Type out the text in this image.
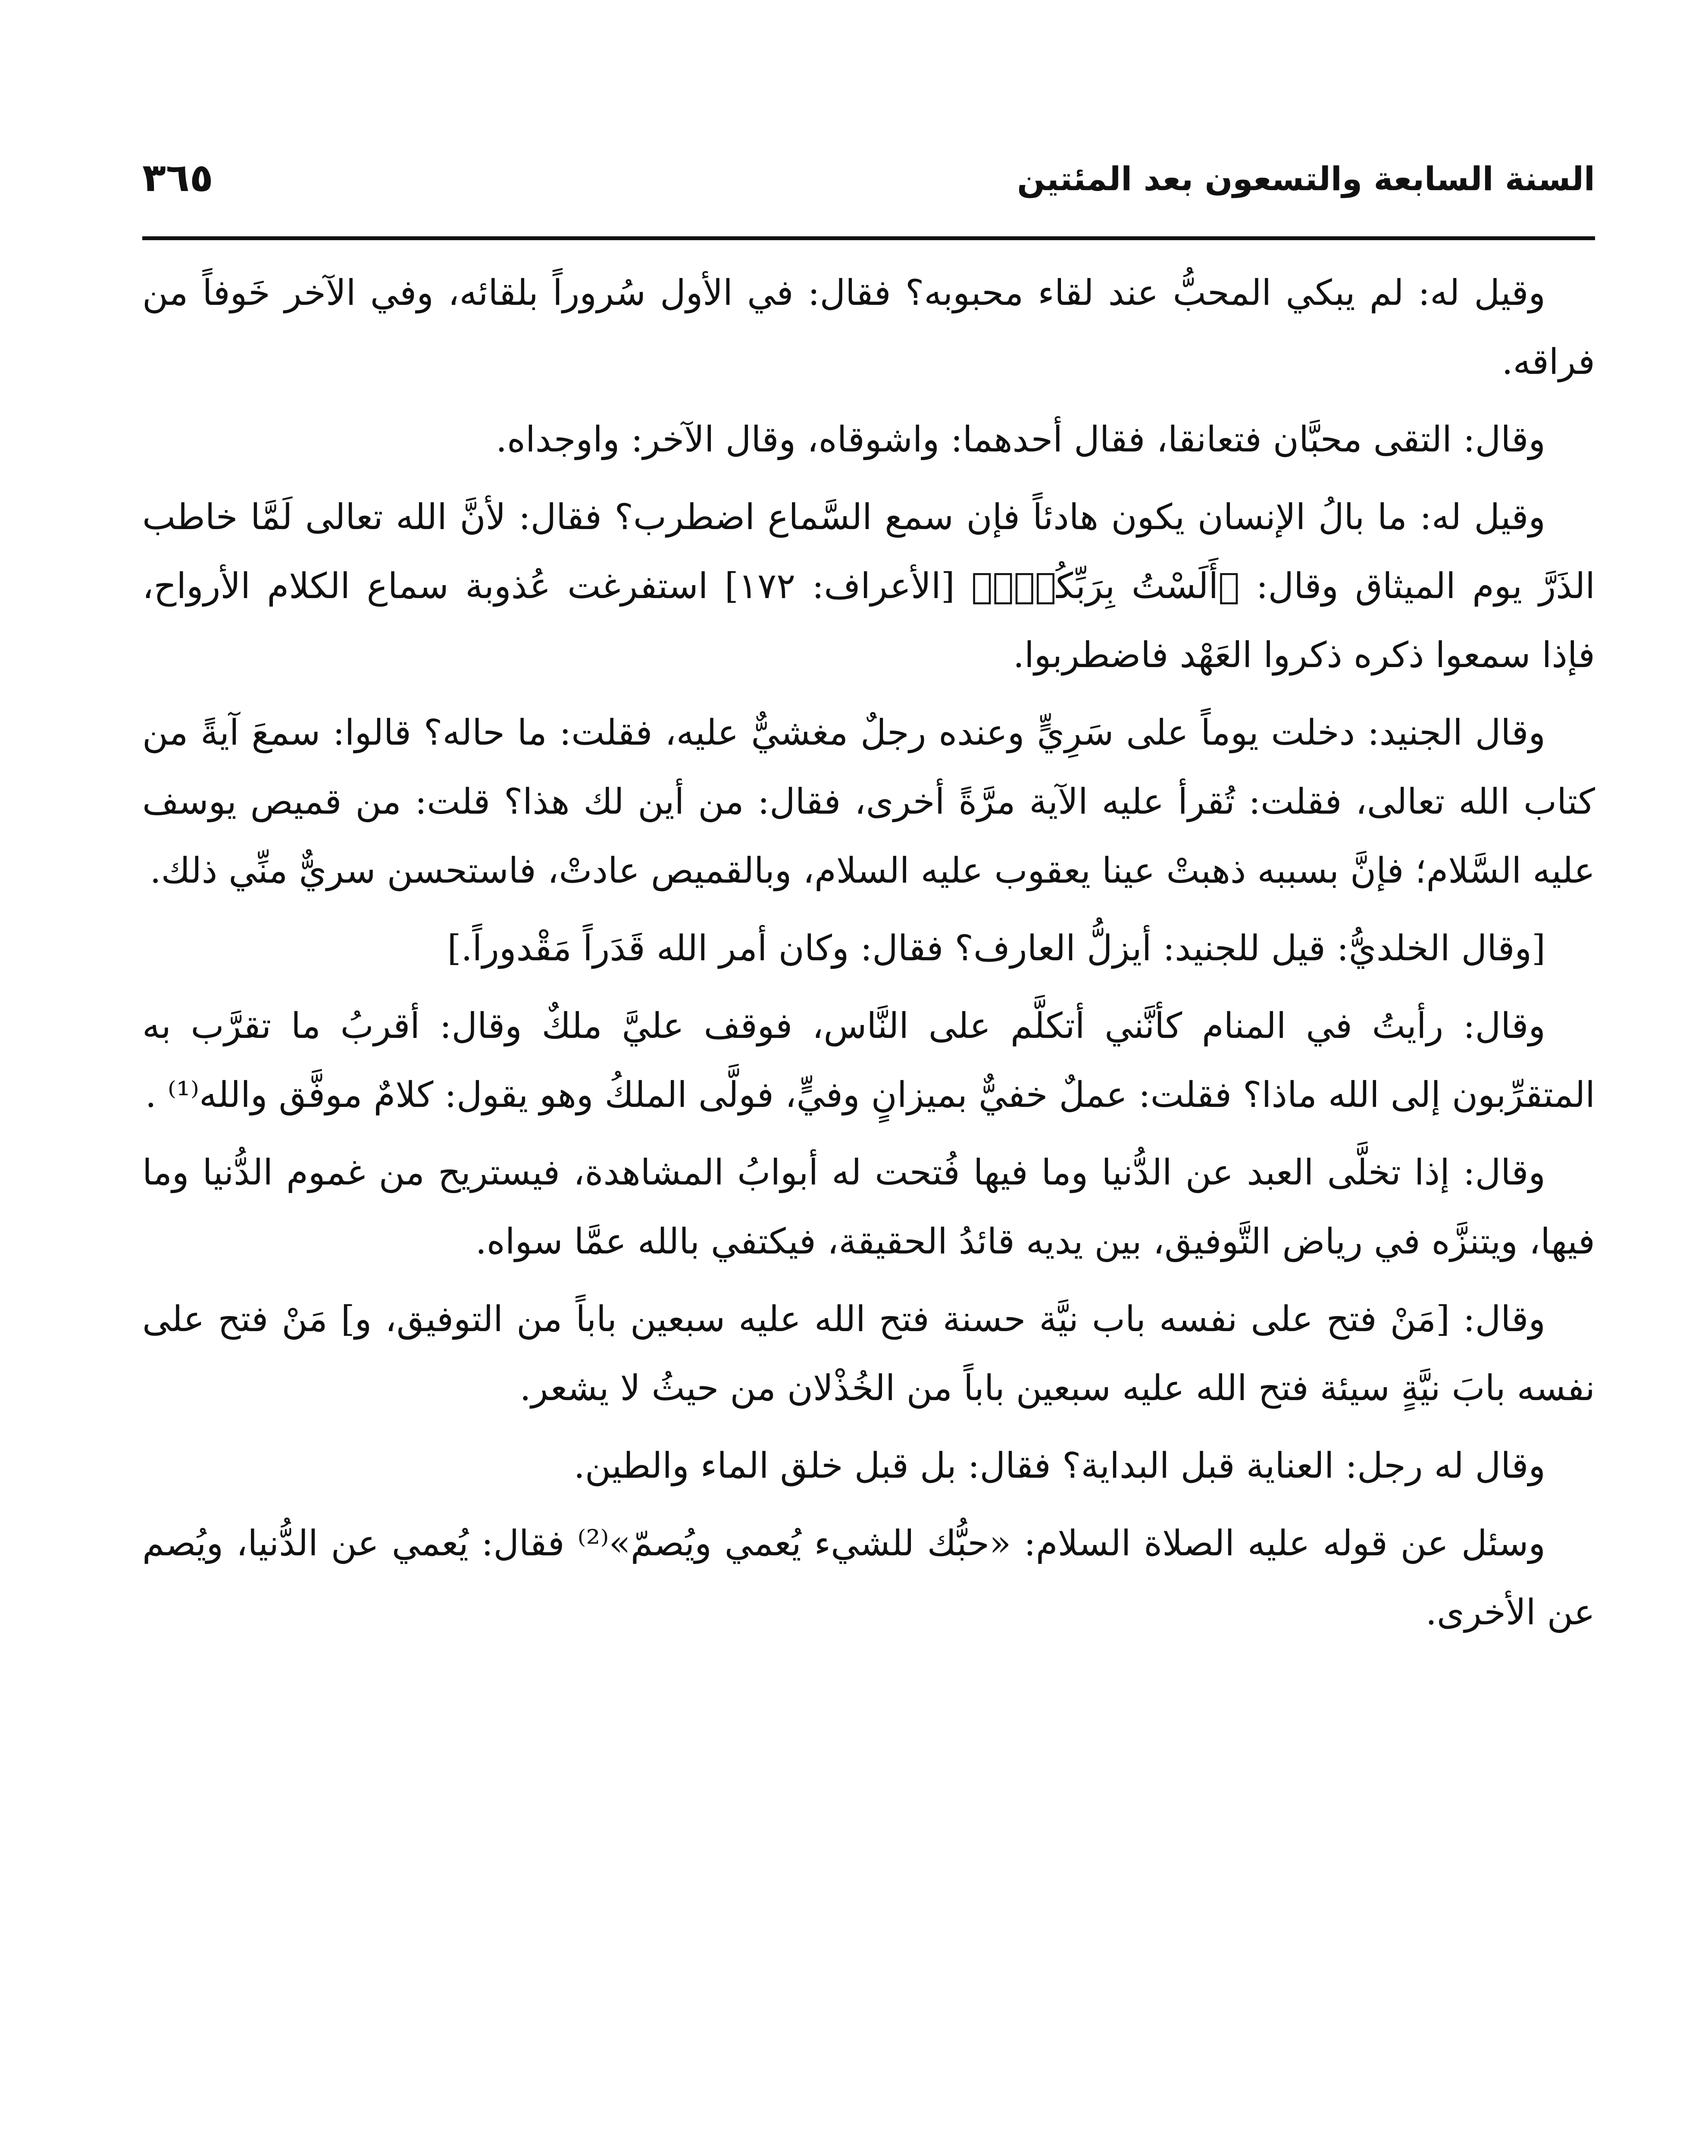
السنة السابعة والتسعون بعد المئتين
٣٦٥

وقيل له: لم يبكي المحبُّ عند لقاء محبوبه؟ فقال: في الأول سُروراً بلقائه، وفي الآخر خَوفاً من فراقه.

وقال: التقى محبَّان فتعانقا، فقال أحدهما: واشوقاه، وقال الآخر: واوجداه.

وقيل له: ما بالُ الإنسان يكون هادئاً فإن سمع السَّماع اضطرب؟ فقال: لأنَّ الله تعالى لَمَّا خاطب الذَرَّ يوم الميثاق وقال: ﴿أَلَسْتُ بِرَبِّكُمْۖ﴾ [الأعراف: ١٧٢] استفرغت عُذوبة سماع الكلام الأرواح، فإذا سمعوا ذكره ذكروا العَهْد فاضطربوا.

وقال الجنيد: دخلت يوماً على سَرِيٍّ وعنده رجلٌ مغشيٌّ عليه، فقلت: ما حاله؟ قالوا: سمعَ آيةً من كتاب الله تعالى، فقلت: تُقرأ عليه الآية مرَّةً أخرى، فقال: من أين لك هذا؟ قلت: من قميص يوسف عليه السَّلام؛ فإنَّ بسببه ذهبتْ عينا يعقوب عليه السلام، وبالقميص عادتْ، فاستحسن سريٌّ منِّي ذلك.

[وقال الخلديُّ: قيل للجنيد: أيزلُّ العارف؟ فقال: وكان أمر الله قَدَراً مَقْدوراً.]

وقال: رأيتُ في المنام كأنَّني أتكلَّم على النَّاس، فوقف عليَّ ملكٌ وقال: أقربُ ما تقرَّب به المتقرِّبون إلى الله ماذا؟ فقلت: عملٌ خفيٌّ بميزانٍ وفيٍّ، فولَّى الملكُ وهو يقول: كلامٌ موفَّق والله⁽¹⁾ .

وقال: إذا تخلَّى العبد عن الدُّنيا وما فيها فُتحت له أبوابُ المشاهدة، فيستريح من غموم الدُّنيا وما فيها، ويتنزَّه في رياض التَّوفيق، بين يديه قائدُ الحقيقة، فيكتفي بالله عمَّا سواه.

وقال: [مَنْ فتح على نفسه باب نيَّة حسنة فتح الله عليه سبعين باباً من التوفيق، و] مَنْ فتح على نفسه بابَ نيَّةٍ سيئة فتح الله عليه سبعين باباً من الخُذْلان من حيثُ لا يشعر.

وقال له رجل: العناية قبل البداية؟ فقال: بل قبل خلق الماء والطين.

وسئل عن قوله عليه الصلاة السلام: «حبُّك للشيء يُعمي ويُصمّ»⁽²⁾ فقال: يُعمي عن الدُّنيا، ويُصم عن الأخرى.
